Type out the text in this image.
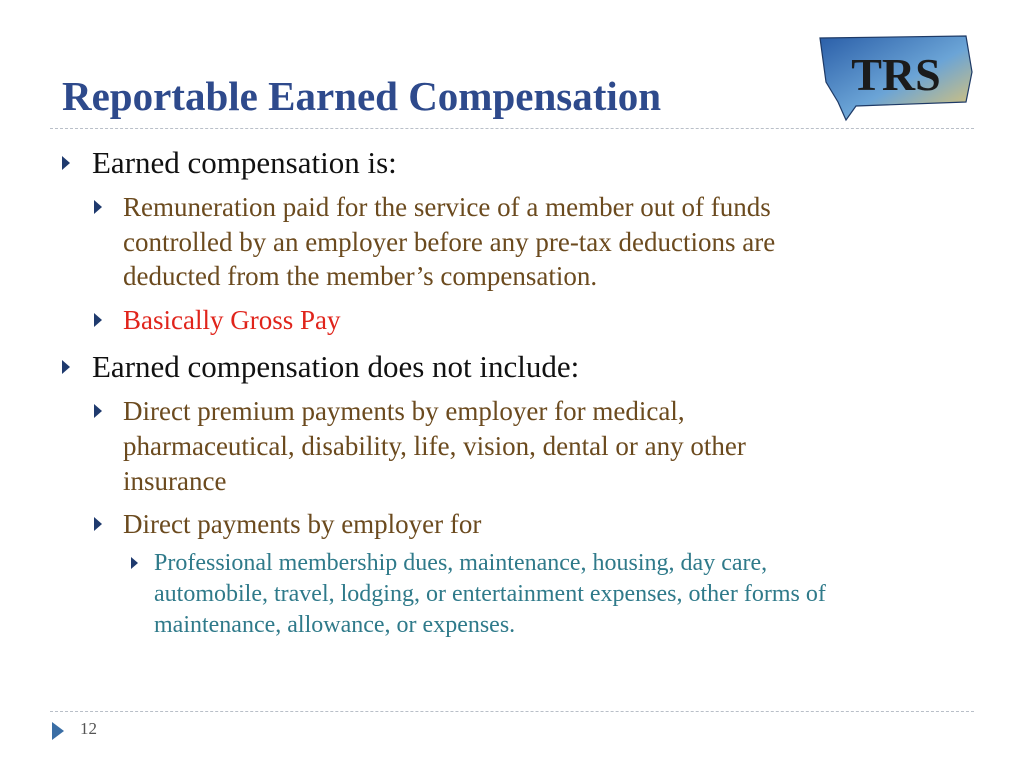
Reportable Earned Compensation	TRS

Earned compensation is:

Remuneration paid for the service of a member out of funds

controlled by an employer before any pre-tax deductions are

deducted from the member’s compensation.

Basically Gross Pay

Earned compensation does not include:

Direct premium payments by employer for medical,

pharmaceutical, disability, life, vision, dental or any other

insurance

Direct payments by employer for

Professional membership dues, maintenance, housing, day care,

automobile, travel, lodging, or entertainment expenses, other forms of

maintenance, allowance, or expenses.

12
